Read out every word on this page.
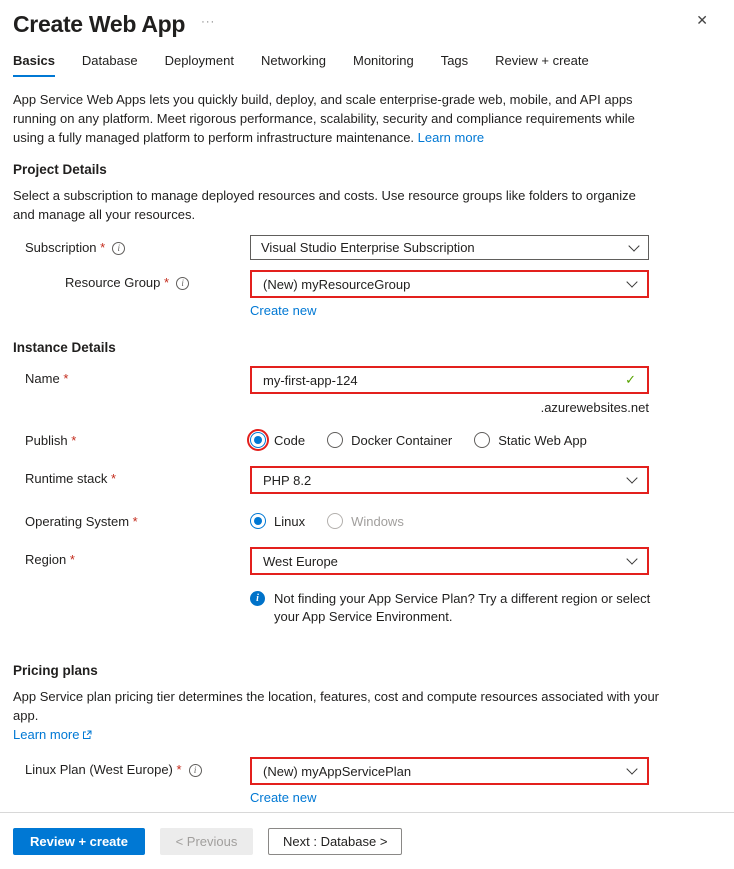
Create Web App ···	✕
Basics Database Deployment Networking Monitoring Tags Review + create
App Service Web Apps lets you quickly build, deploy, and scale enterprise-grade web, mobile, and API apps running on any platform. Meet rigorous performance, scalability, security and compliance requirements while using a fully managed platform to perform infrastructure maintenance. Learn more
Project Details
Select a subscription to manage deployed resources and costs. Use resource groups like folders to organize and manage all your resources.
Subscription *	i	Visual Studio Enterprise Subscription
Resource Group *	i	(New) myResourceGroup
Create new
Instance Details
Name *	my-first-app-124	✓
.azurewebsites.net
Publish *	Code	Docker Container	Static Web App
Runtime stack *	PHP 8.2
Operating System *	Linux	Windows
Region *	West Europe
i	Not finding your App Service Plan? Try a different region or select your App Service Environment.
Pricing plans
App Service plan pricing tier determines the location, features, cost and compute resources associated with your app.
Learn more
Linux Plan (West Europe) *	i	(New) myAppServicePlan
Create new
Review + create	< Previous	Next : Database >
